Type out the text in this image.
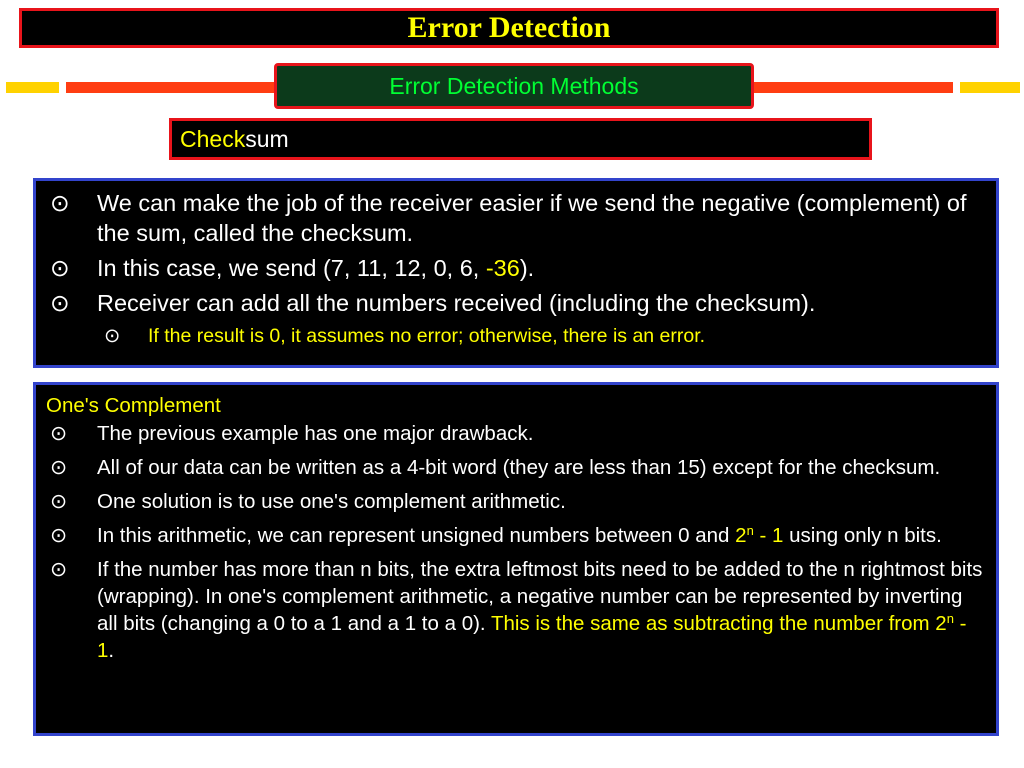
Error Detection
Error Detection Methods
Checksum
⊙ We can make the job of the receiver easier if we send the negative (complement) of the sum, called the checksum.
⊙ In this case, we send (7, 11, 12, 0, 6, -36).
⊙ Receiver can add all the numbers received (including the checksum).
⊙ If the result is 0, it assumes no error; otherwise, there is an error.
One's Complement
⊙ The previous example has one major drawback.
⊙ All of our data can be written as a 4-bit word (they are less than 15) except for the checksum.
⊙ One solution is to use one's complement arithmetic.
⊙ In this arithmetic, we can represent unsigned numbers between 0 and 2$^n$ - 1 using only n bits.
⊙ If the number has more than n bits, the extra leftmost bits need to be added to the n rightmost bits (wrapping). In one's complement arithmetic, a negative number can be represented by inverting all bits (changing a 0 to a 1 and a 1 to a 0). This is the same as subtracting the number from 2$^n$ - 1.
